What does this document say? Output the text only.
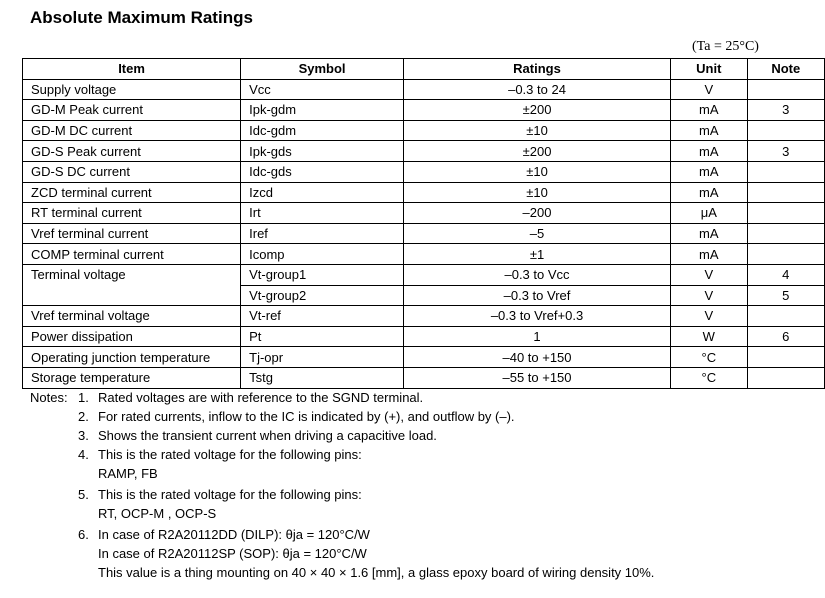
Absolute Maximum Ratings
(Ta = 25°C)
Item	Symbol	Ratings	Unit	Note
Supply voltage	Vcc	–0.3 to 24	V	
GD-M Peak current	Ipk-gdm	±200	mA	3
GD-M DC current	Idc-gdm	±10	mA	
GD-S Peak current	Ipk-gds	±200	mA	3
GD-S DC current	Idc-gds	±10	mA	
ZCD terminal current	Izcd	±10	mA	
RT terminal current	Irt	–200	μA	
Vref terminal current	Iref	–5	mA	
COMP terminal current	Icomp	±1	mA	
Terminal voltage	Vt-group1	–0.3 to Vcc	V	4
	Vt-group2	–0.3 to Vref	V	5
Vref terminal voltage	Vt-ref	–0.3 to Vref+0.3	V	
Power dissipation	Pt	1	W	6
Operating junction temperature	Tj-opr	–40 to +150	°C	
Storage temperature	Tstg	–55 to +150	°C	
Notes: 1. Rated voltages are with reference to the SGND terminal.
2. For rated currents, inflow to the IC is indicated by (+), and outflow by (–).
3. Shows the transient current when driving a capacitive load.
4. This is the rated voltage for the following pins:
RAMP, FB
5. This is the rated voltage for the following pins:
RT, OCP-M , OCP-S
6. In case of R2A20112DD (DILP): θja = 120°C/W
In case of R2A20112SP (SOP): θja = 120°C/W
This value is a thing mounting on 40 × 40 × 1.6 [mm], a glass epoxy board of wiring density 10%.
